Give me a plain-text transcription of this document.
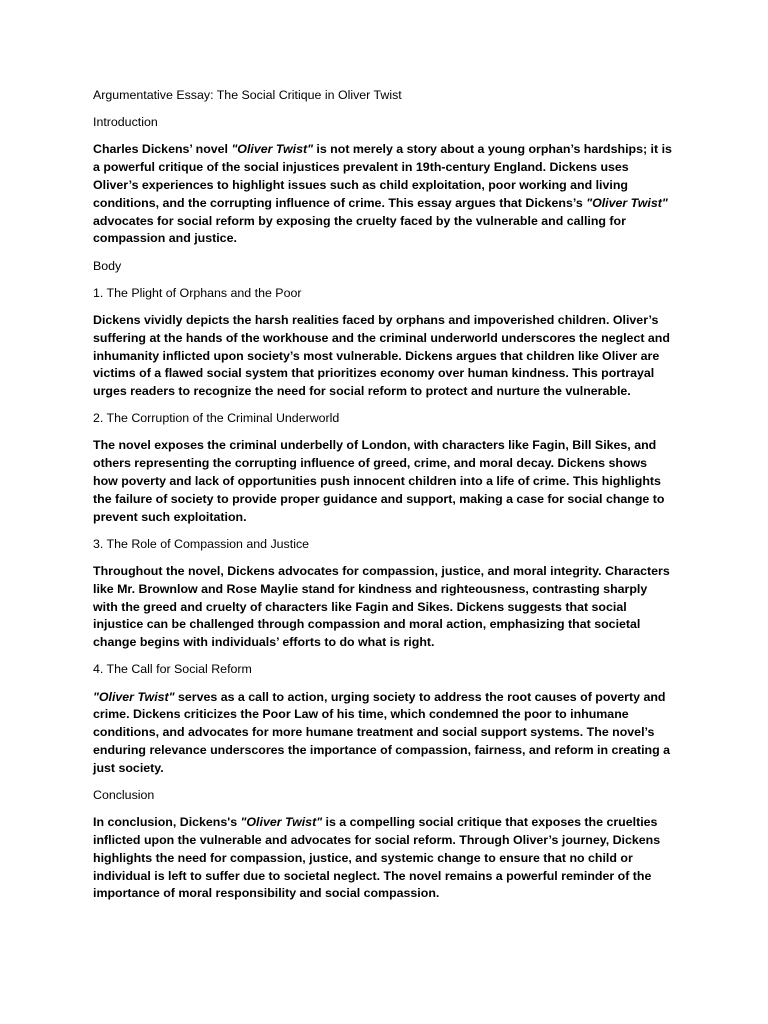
Argumentative Essay: The Social Critique in Oliver Twist
Introduction

Charles Dickens’ novel "Oliver Twist" is not merely a story about a young orphan’s hardships; it is a powerful critique of the social injustices prevalent in 19th-century England. Dickens uses Oliver’s experiences to highlight issues such as child exploitation, poor working and living conditions, and the corrupting influence of crime. This essay argues that Dickens’s "Oliver Twist" advocates for social reform by exposing the cruelty faced by the vulnerable and calling for compassion and justice.

Body
1. The Plight of Orphans and the Poor

Dickens vividly depicts the harsh realities faced by orphans and impoverished children. Oliver’s suffering at the hands of the workhouse and the criminal underworld underscores the neglect and inhumanity inflicted upon society’s most vulnerable. Dickens argues that children like Oliver are victims of a flawed social system that prioritizes economy over human kindness. This portrayal urges readers to recognize the need for social reform to protect and nurture the vulnerable.

2. The Corruption of the Criminal Underworld

The novel exposes the criminal underbelly of London, with characters like Fagin, Bill Sikes, and others representing the corrupting influence of greed, crime, and moral decay. Dickens shows how poverty and lack of opportunities push innocent children into a life of crime. This highlights the failure of society to provide proper guidance and support, making a case for social change to prevent such exploitation.

3. The Role of Compassion and Justice

Throughout the novel, Dickens advocates for compassion, justice, and moral integrity. Characters like Mr. Brownlow and Rose Maylie stand for kindness and righteousness, contrasting sharply with the greed and cruelty of characters like Fagin and Sikes. Dickens suggests that social injustice can be challenged through compassion and moral action, emphasizing that societal change begins with individuals’ efforts to do what is right.

4. The Call for Social Reform

"Oliver Twist" serves as a call to action, urging society to address the root causes of poverty and crime. Dickens criticizes the Poor Law of his time, which condemned the poor to inhumane conditions, and advocates for more humane treatment and social support systems. The novel’s enduring relevance underscores the importance of compassion, fairness, and reform in creating a just society.

Conclusion

In conclusion, Dickens's "Oliver Twist" is a compelling social critique that exposes the cruelties inflicted upon the vulnerable and advocates for social reform. Through Oliver’s journey, Dickens highlights the need for compassion, justice, and systemic change to ensure that no child or individual is left to suffer due to societal neglect. The novel remains a powerful reminder of the importance of moral responsibility and social compassion.
